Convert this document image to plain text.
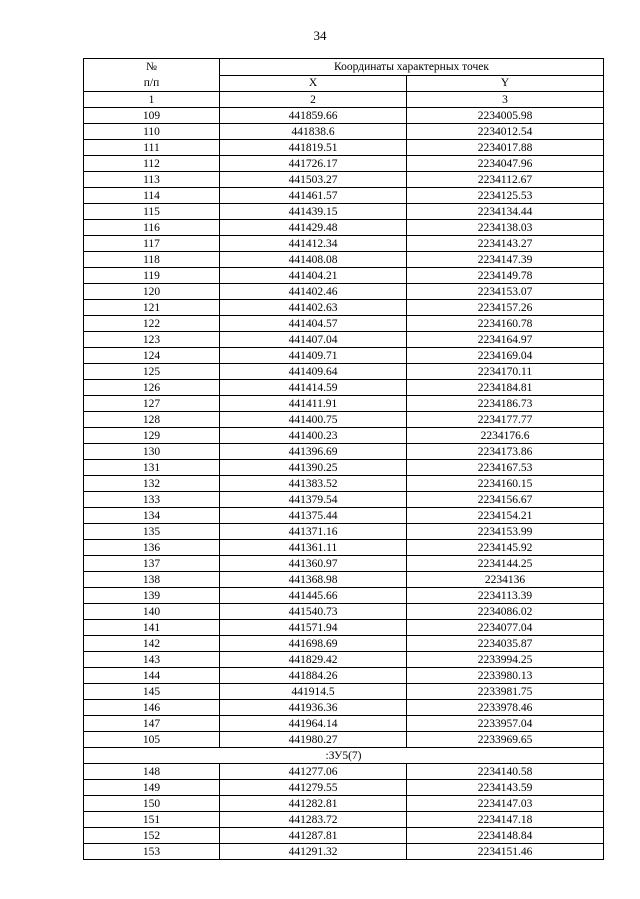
34
№
п/п	Координаты характерных точек	
	X	Y
1	2	3
109	441859.66	2234005.98
110	441838.6	2234012.54
111	441819.51	2234017.88
112	441726.17	2234047.96
113	441503.27	2234112.67
114	441461.57	2234125.53
115	441439.15	2234134.44
116	441429.48	2234138.03
117	441412.34	2234143.27
118	441408.08	2234147.39
119	441404.21	2234149.78
120	441402.46	2234153.07
121	441402.63	2234157.26
122	441404.57	2234160.78
123	441407.04	2234164.97
124	441409.71	2234169.04
125	441409.64	2234170.11
126	441414.59	2234184.81
127	441411.91	2234186.73
128	441400.75	2234177.77
129	441400.23	2234176.6
130	441396.69	2234173.86
131	441390.25	2234167.53
132	441383.52	2234160.15
133	441379.54	2234156.67
134	441375.44	2234154.21
135	441371.16	2234153.99
136	441361.11	2234145.92
137	441360.97	2234144.25
138	441368.98	2234136
139	441445.66	2234113.39
140	441540.73	2234086.02
141	441571.94	2234077.04
142	441698.69	2234035.87
143	441829.42	2233994.25
144	441884.26	2233980.13
145	441914.5	2233981.75
146	441936.36	2233978.46
147	441964.14	2233957.04
105	441980.27	2233969.65
:ЗУ5(7)		
148	441277.06	2234140.58
149	441279.55	2234143.59
150	441282.81	2234147.03
151	441283.72	2234147.18
152	441287.81	2234148.84
153	441291.32	2234151.46
